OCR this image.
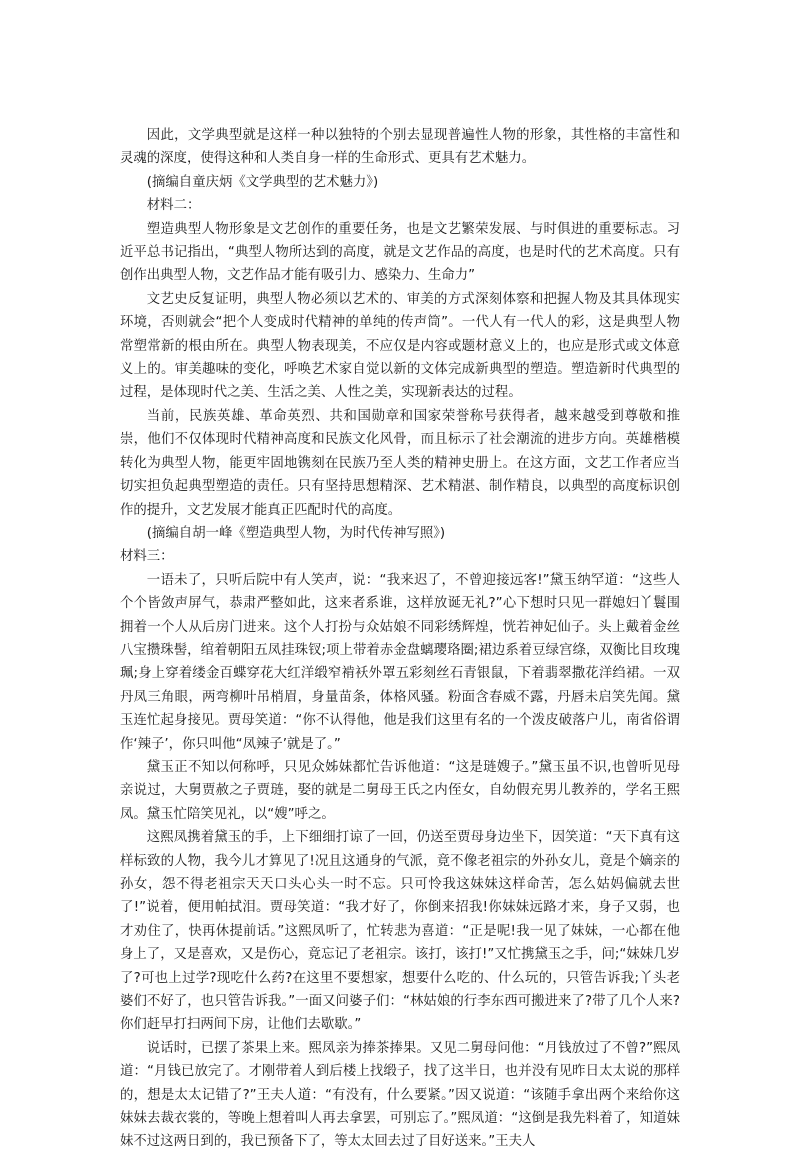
因此，文学典型就是这样一种以独特的个别去显现普遍性人物的形象，其性格的丰富性和灵魂的深度，使得这种和人类自身一样的生命形式、更具有艺术魅力。

(摘编自童庆炳《文学典型的艺术魅力》)

材料二：

塑造典型人物形象是文艺创作的重要任务，也是文艺繁荣发展、与时俱进的重要标志。习近平总书记指出，“典型人物所达到的高度，就是文艺作品的高度，也是时代的艺术高度。只有创作出典型人物，文艺作品才能有吸引力、感染力、生命力”

文艺史反复证明，典型人物必须以艺术的、审美的方式深刻体察和把握人物及其具体现实环境，否则就会“把个人变成时代精神的单纯的传声筒”。一代人有一代人的彩，这是典型人物常塑常新的根由所在。典型人物表现美，不应仅是内容或题材意义上的，也应是形式或文体意义上的。审美趣味的变化，呼唤艺术家自觉以新的文体完成新典型的塑造。塑造新时代典型的过程，是体现时代之美、生活之美、人性之美，实现新表达的过程。

当前，民族英雄、革命英烈、共和国勋章和国家荣誉称号获得者，越来越受到尊敬和推崇，他们不仅体现时代精神高度和民族文化风骨，而且标示了社会潮流的进步方向。英雄楷模转化为典型人物，能更牢固地镌刻在民族乃至人类的精神史册上。在这方面，文艺工作者应当切实担负起典型塑造的责任。只有坚持思想精深、艺术精湛、制作精良，以典型的高度标识创作的提升，文艺发展才能真正匹配时代的高度。

(摘编自胡一峰《塑造典型人物，为时代传神写照》)

材料三：

一语未了，只听后院中有人笑声，说：“我来迟了，不曾迎接远客!”黛玉纳罕道：“这些人个个皆敛声屏气，恭肃严整如此，这来者系谁，这样放诞无礼?”心下想时只见一群媳妇丫鬟围拥着一个人从后房门进来。这个人打扮与众姑娘不同彩绣辉煌，恍若神妃仙子。头上戴着金丝八宝攒珠髻，绾着朝阳五凤挂珠钗;项上带着赤金盘螭璎珞圈;裙边系着豆绿宫绦，双衡比目玫瑰珮;身上穿着缕金百蝶穿花大红洋缎窄褃袄外罩五彩刻丝石青银鼠，下着翡翠撒花洋绉裙。一双丹凤三角眼，两弯柳叶吊梢眉，身量苗条，体格风骚。粉面含春威不露，丹唇未启笑先闻。黛玉连忙起身接见。贾母笑道：“你不认得他，他是我们这里有名的一个泼皮破落户儿，南省俗谓作‘辣子’，你只叫他“凤辣子’就是了。”

黛玉正不知以何称呼，只见众姊妹都忙告诉他道：“这是琏嫂子。”黛玉虽不识,也曾听见母亲说过，大舅贾赦之子贾琏，娶的就是二舅母王氏之内侄女，自幼假充男儿教养的，学名王熙凤。黛玉忙陪笑见礼，以“嫂”呼之。

这熙凤携着黛玉的手，上下细细打谅了一回，仍送至贾母身边坐下，因笑道：“天下真有这样标致的人物，我今儿才算见了!况且这通身的气派，竟不像老祖宗的外孙女儿，竟是个嫡亲的孙女，怨不得老祖宗天天口头心头一时不忘。只可怜我这妹妹这样命苦，怎么姑妈偏就去世了!”说着，便用帕拭泪。贾母笑道：“我才好了，你倒来招我!你妹妹远路才来，身子又弱，也才劝住了，快再休提前话。”这熙凤听了，忙转悲为喜道：“正是呢!我一见了妹妹，一心都在他身上了，又是喜欢，又是伤心，竟忘记了老祖宗。该打，该打!”又忙携黛玉之手，问;“妹妹几岁了?可也上过学?现吃什么药?在这里不要想家，想要什么吃的、什么玩的，只管告诉我;丫头老婆们不好了，也只管告诉我。”一面又问婆子们：“林姑娘的行李东西可搬进来了?带了几个人来?你们赶早打扫两间下房，让他们去歇歇。”

说话时，已摆了茶果上来。熙凤亲为捧茶捧果。又见二舅母问他：“月钱放过了不曾?”熙凤道：“月钱已放完了。才刚带着人到后楼上找缎子，找了这半日，也并没有见昨日太太说的那样的，想是太太记错了?”王夫人道：“有没有，什么要紧。”因又说道：“该随手拿出两个来给你这妹妹去裁衣裳的，等晚上想着叫人再去拿罢，可别忘了。”熙凤道：“这倒是我先料着了，知道妹妹不过这两日到的，我已预备下了，等太太回去过了目好送来。”王夫人
